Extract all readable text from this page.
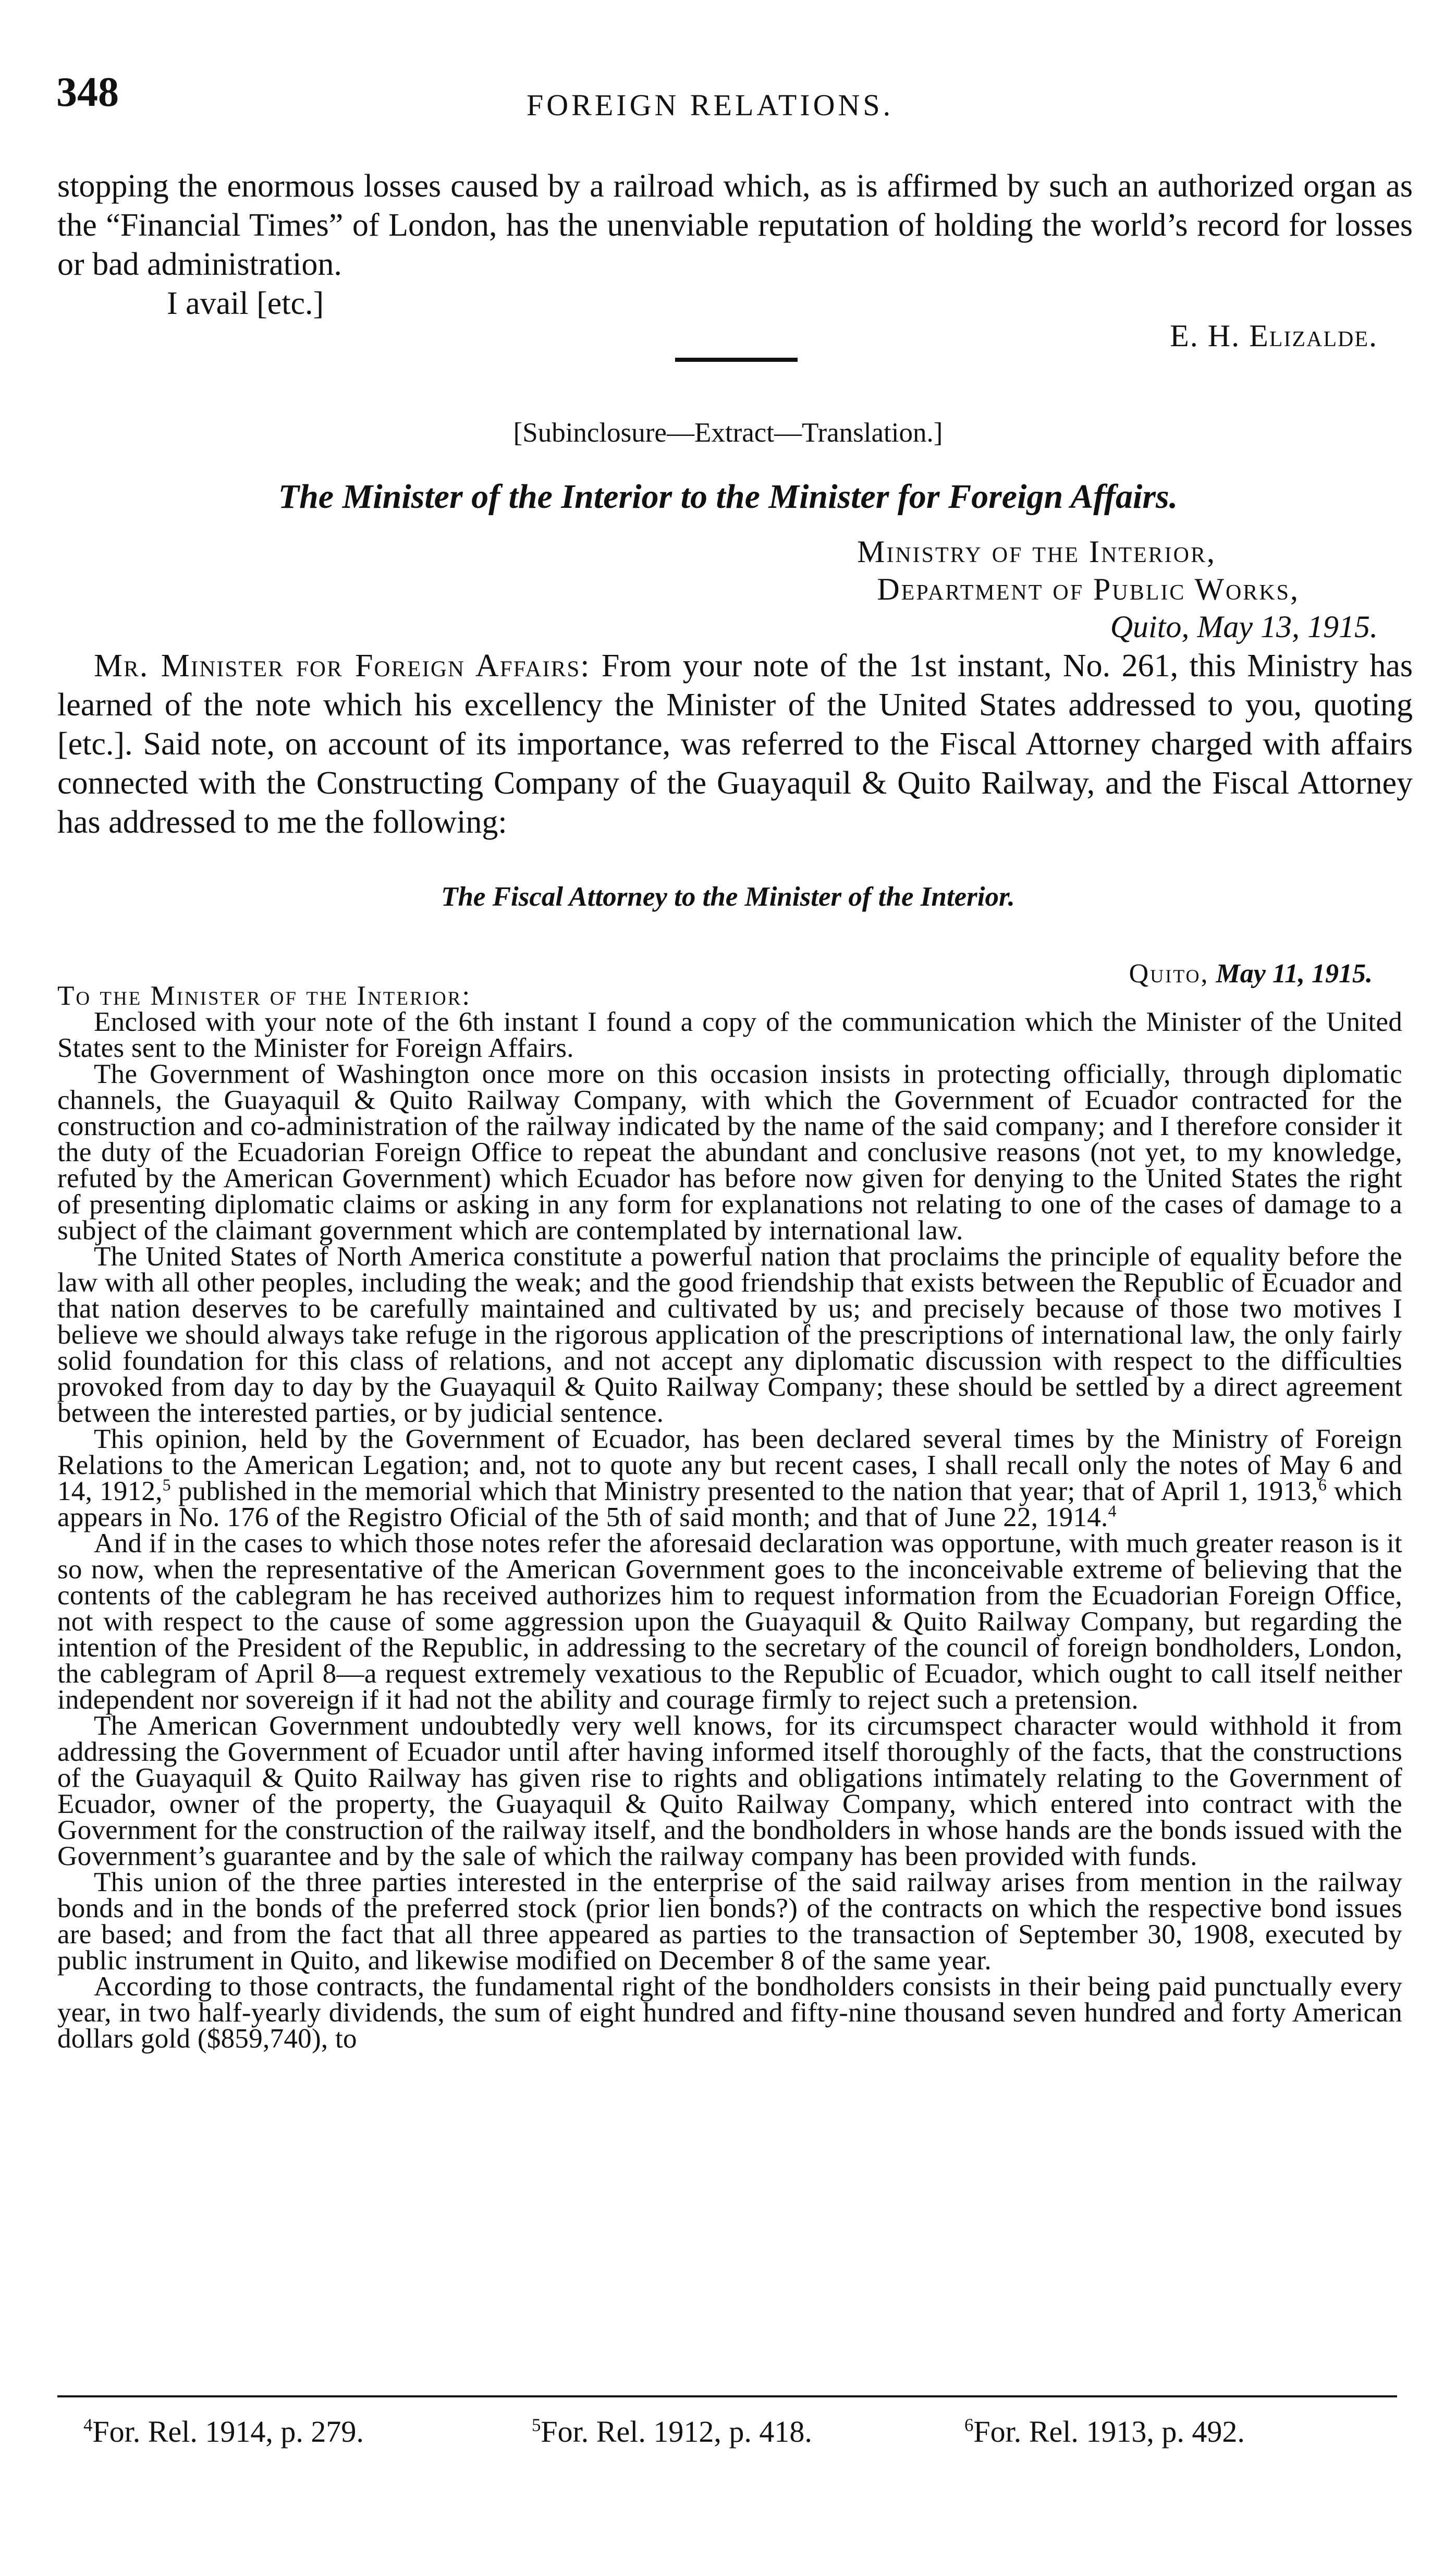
348	FOREIGN RELATIONS.

stopping the enormous losses caused by a railroad which, as is affirmed by such an authorized organ as the “Financial Times” of London, has the unenviable reputation of holding the world’s record for losses or bad administration.

I avail [etc.]

E. H. Elizalde.
[Subinclosure—Extract—Translation.]
The Minister of the Interior to the Minister for Foreign Affairs.
Ministry of the Interior,
Department of Public Works,
Quito, May 13, 1915.

Mr. Minister for Foreign Affairs: From your note of the 1st instant, No. 261, this Ministry has learned of the note which his excellency the Minister of the United States addressed to you, quoting [etc.]. Said note, on account of its importance, was referred to the Fiscal Attorney charged with affairs connected with the Constructing Company of the Guayaquil & Quito Railway, and the Fiscal Attorney has addressed to me the following:

The Fiscal Attorney to the Minister of the Interior.
Quito, May 11, 1915.

To the Minister of the Interior:

Enclosed with your note of the 6th instant I found a copy of the communication which the Minister of the United States sent to the Minister for Foreign Affairs.

The Government of Washington once more on this occasion insists in protecting officially, through diplomatic channels, the Guayaquil & Quito Railway Company, with which the Government of Ecuador contracted for the construction and co-administration of the railway indicated by the name of the said company; and I therefore consider it the duty of the Ecuadorian Foreign Office to repeat the abundant and conclusive reasons (not yet, to my knowledge, refuted by the American Government) which Ecuador has before now given for denying to the United States the right of presenting diplomatic claims or asking in any form for explanations not relating to one of the cases of damage to a subject of the claimant government which are contemplated by international law.

The United States of North America constitute a powerful nation that proclaims the principle of equality before the law with all other peoples, including the weak; and the good friendship that exists between the Republic of Ecuador and that nation deserves to be carefully maintained and cultivated by us; and precisely because of those two motives I believe we should always take refuge in the rigorous application of the prescriptions of international law, the only fairly solid foundation for this class of relations, and not accept any diplomatic discussion with respect to the difficulties provoked from day to day by the Guayaquil & Quito Railway Company; these should be settled by a direct agreement between the interested parties, or by judicial sentence.

This opinion, held by the Government of Ecuador, has been declared several times by the Ministry of Foreign Relations to the American Legation; and, not to quote any but recent cases, I shall recall only the notes of May 6 and 14, 1912,$^5$ published in the memorial which that Ministry presented to the nation that year; that of April 1, 1913,$^6$ which appears in No. 176 of the Registro Oficial of the 5th of said month; and that of June 22, 1914.$^4$

And if in the cases to which those notes refer the aforesaid declaration was opportune, with much greater reason is it so now, when the representative of the American Government goes to the inconceivable extreme of believing that the contents of the cablegram he has received authorizes him to request information from the Ecuadorian Foreign Office, not with respect to the cause of some aggression upon the Guayaquil & Quito Railway Company, but regarding the intention of the President of the Republic, in addressing to the secretary of the council of foreign bondholders, London, the cablegram of April 8—a request extremely vexatious to the Republic of Ecuador, which ought to call itself neither independent nor sovereign if it had not the ability and courage firmly to reject such a pretension.

The American Government undoubtedly very well knows, for its circumspect character would withhold it from addressing the Government of Ecuador until after having informed itself thoroughly of the facts, that the constructions of the Guayaquil & Quito Railway has given rise to rights and obligations intimately relating to the Government of Ecuador, owner of the property, the Guayaquil & Quito Railway Company, which entered into contract with the Government for the construction of the railway itself, and the bondholders in whose hands are the bonds issued with the Government’s guarantee and by the sale of which the railway company has been provided with funds.

This union of the three parties interested in the enterprise of the said railway arises from mention in the railway bonds and in the bonds of the preferred stock (prior lien bonds?) of the contracts on which the respective bond issues are based; and from the fact that all three appeared as parties to the transaction of September 30, 1908, executed by public instrument in Quito, and likewise modified on December 8 of the same year.

According to those contracts, the fundamental right of the bondholders consists in their being paid punctually every year, in two half-yearly dividends, the sum of eight hundred and fifty-nine thousand seven hundred and forty American dollars gold ($859,740), to

$^4$For. Rel. 1914, p. 279.	$^5$For. Rel. 1912, p. 418.	$^6$For. Rel. 1913, p. 492.
